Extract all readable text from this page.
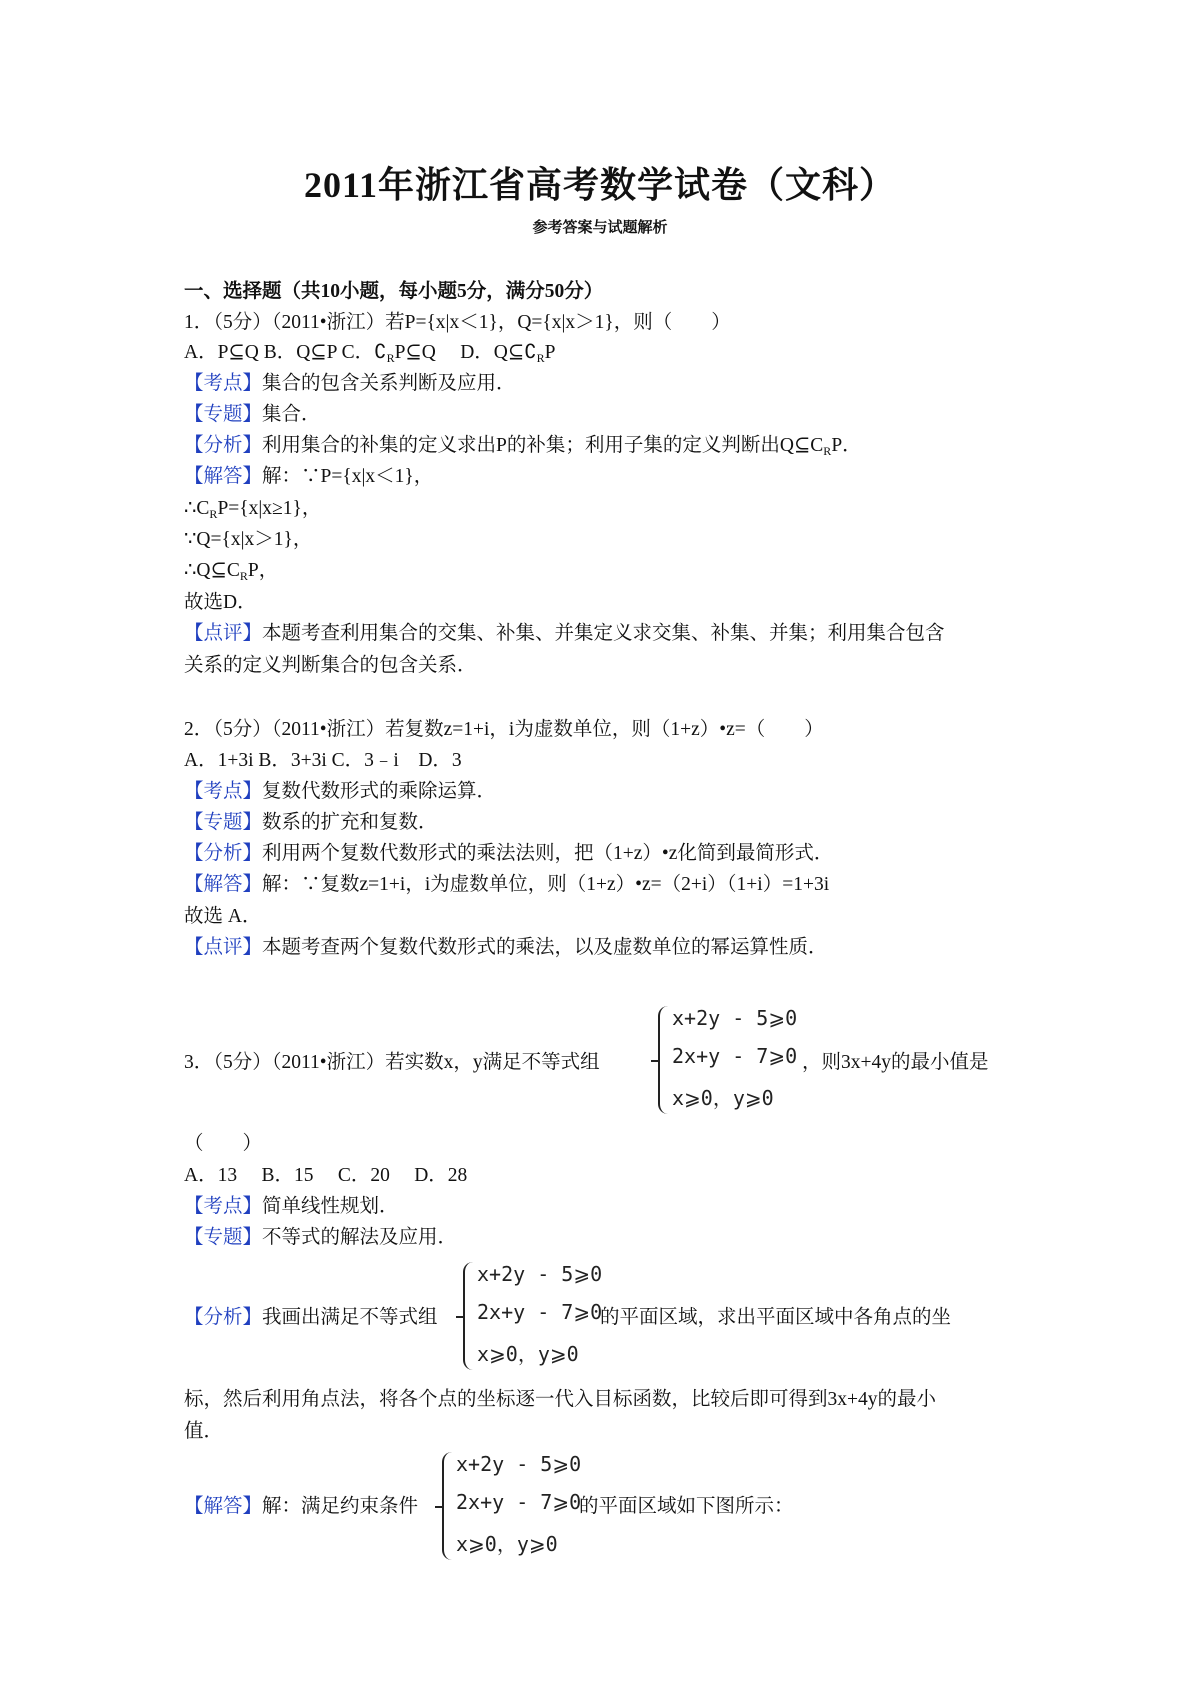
2011年浙江省高考数学试卷（文科）
参考答案与试题解析
一、选择题（共10小题，每小题5分，满分50分）
1．（5分）（2011•浙江）若P={x|x＜1}，Q={x|x＞1}，则（　　）
A．P⊆Q B．Q⊆P C．$∁_RP⊆Q$　 D．$Q⊆∁_RP$
【考点】集合的包含关系判断及应用．
【专题】集合．
【分析】利用集合的补集的定义求出P的补集；利用子集的定义判断出$Q⊆C_RP$．
【解答】解：∵P={x|x＜1}，
$\therefore C_RP=\{x|x\ge 1\}$，
∵Q={x|x＞1}，
$\therefore Q⊆C_RP$，
故选D．
【点评】本题考查利用集合的交集、补集、并集定义求交集、补集、并集；利用集合包含
关系的定义判断集合的包含关系．
2．（5分）（2011•浙江）若复数z=1+i，i为虚数单位，则（1+z）•z=（　　）
A．1+3i B．3+3i C．3﹣i　D．3
【考点】复数代数形式的乘除运算．
【专题】数系的扩充和复数．
【分析】利用两个复数代数形式的乘法法则，把（1+z）•z化简到最简形式．
【解答】解：∵复数z=1+i，i为虚数单位，则（1+z）•z=（2+i）（1+i）=1+3i
故选 A．
【点评】本题考查两个复数代数形式的乘法，以及虚数单位的幂运算性质．
3．（5分）（2011•浙江）若实数x，y满足不等式组
x+2y - 5⩾0
2x+y - 7⩾0
x⩾0，y⩾0
，则3x+4y的最小值是
（　　）
A．13　 B．15　 C．20　 D．28
【考点】简单线性规划．
【专题】不等式的解法及应用．
【分析】我画出满足不等式组
x+2y - 5⩾0
2x+y - 7⩾0
x⩾0，y⩾0
的平面区域，求出平面区域中各角点的坐
标，然后利用角点法，将各个点的坐标逐一代入目标函数，比较后即可得到3x+4y的最小
值．
【解答】解：满足约束条件
x+2y - 5⩾0
2x+y - 7⩾0
x⩾0，y⩾0
的平面区域如下图所示：
